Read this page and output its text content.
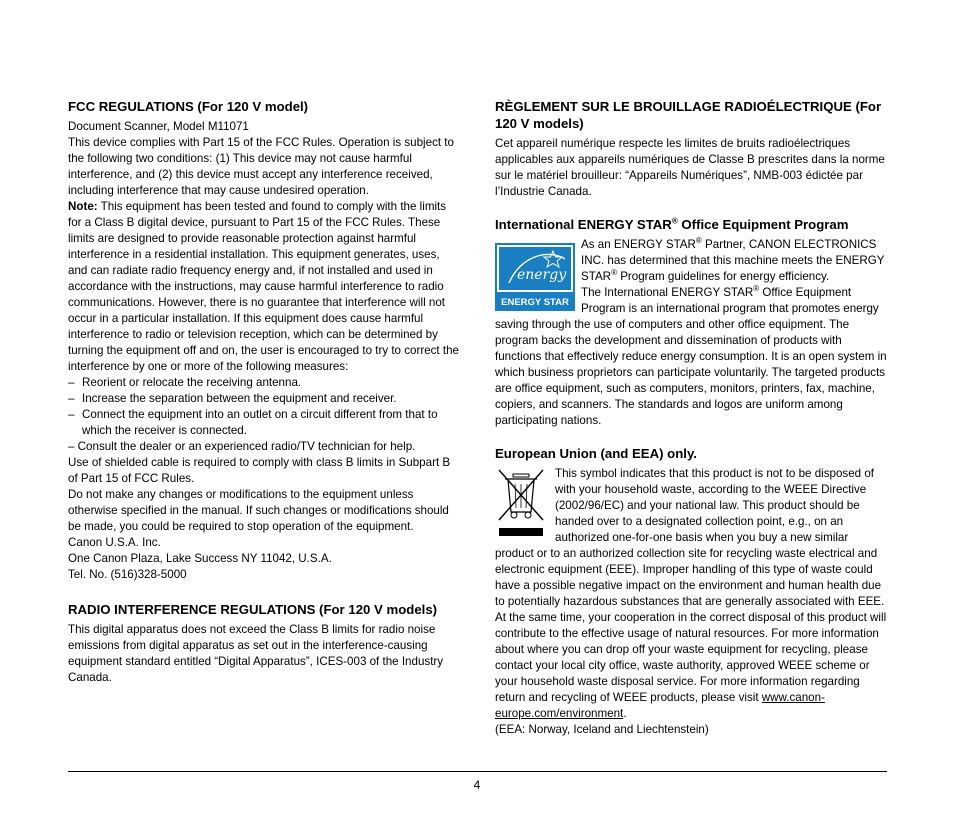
FCC REGULATIONS (For 120 V model)

Document Scanner, Model M11071

This device complies with Part 15 of the FCC Rules. Operation is subject to the following two conditions: (1) This device may not cause harmful interference, and (2) this device must accept any interference received, including interference that may cause undesired operation.

Note: This equipment has been tested and found to comply with the limits for a Class B digital device, pursuant to Part 15 of the FCC Rules. These limits are designed to provide reasonable protection against harmful interference in a residential installation. This equipment generates, uses, and can radiate radio frequency energy and, if not installed and used in accordance with the instructions, may cause harmful interference to radio communications. However, there is no guarantee that interference will not occur in a particular installation. If this equipment does cause harmful interference to radio or television reception, which can be determined by turning the equipment off and on, the user is encouraged to try to correct the interference by one or more of the following measures:

– Reorient or relocate the receiving antenna.

– Increase the separation between the equipment and receiver.

– Connect the equipment into an outlet on a circuit different from that to which the receiver is connected.

– Consult the dealer or an experienced radio/TV technician for help.

Use of shielded cable is required to comply with class B limits in Subpart B of Part 15 of FCC Rules.

Do not make any changes or modifications to the equipment unless otherwise specified in the manual. If such changes or modifications should be made, you could be required to stop operation of the equipment.

Canon U.S.A. Inc.

One Canon Plaza, Lake Success NY 11042, U.S.A.

Tel. No. (516)328-5000

RADIO INTERFERENCE REGULATIONS (For 120 V models)

This digital apparatus does not exceed the Class B limits for radio noise emissions from digital apparatus as set out in the interference-causing equipment standard entitled “Digital Apparatus”, ICES-003 of the Industry Canada.

RÈGLEMENT SUR LE BROUILLAGE RADIOÉLECTRIQUE (For 120 V models)

Cet appareil numérique respecte les limites de bruits radioélectriques applicables aux appareils numériques de Classe B prescrites dans la norme sur le matériel brouilleur: “Appareils Numériques”, NMB-003 édictée par l’Industrie Canada.

International ENERGY STAR® Office Equipment Program
energy
ENERGY STAR

As an ENERGY STAR® Partner, CANON ELECTRONICS INC. has determined that this machine meets the ENERGY STAR® Program guidelines for energy efficiency.

The International ENERGY STAR® Office Equipment Program is an international program that promotes energy saving through the use of computers and other office equipment. The program backs the development and dissemination of products with functions that effectively reduce energy consumption. It is an open system in which business proprietors can participate voluntarily. The targeted products are office equipment, such as computers, monitors, printers, fax, machine, copiers, and scanners. The standards and logos are uniform among participating nations.

European Union (and EEA) only.

This symbol indicates that this product is not to be disposed of with your household waste, according to the WEEE Directive (2002/96/EC) and your national law. This product should be handed over to a designated collection point, e.g., on an authorized one-for-one basis when you buy a new similar product or to an authorized collection site for recycling waste electrical and electronic equipment (EEE). Improper handling of this type of waste could have a possible negative impact on the environment and human health due to potentially hazardous substances that are generally associated with EEE. At the same time, your cooperation in the correct disposal of this product will contribute to the effective usage of natural resources. For more information about where you can drop off your waste equipment for recycling, please contact your local city office, waste authority, approved WEEE scheme or your household waste disposal service. For more information regarding return and recycling of WEEE products, please visit www.canon-europe.com/environment.

(EEA: Norway, Iceland and Liechtenstein)

4
